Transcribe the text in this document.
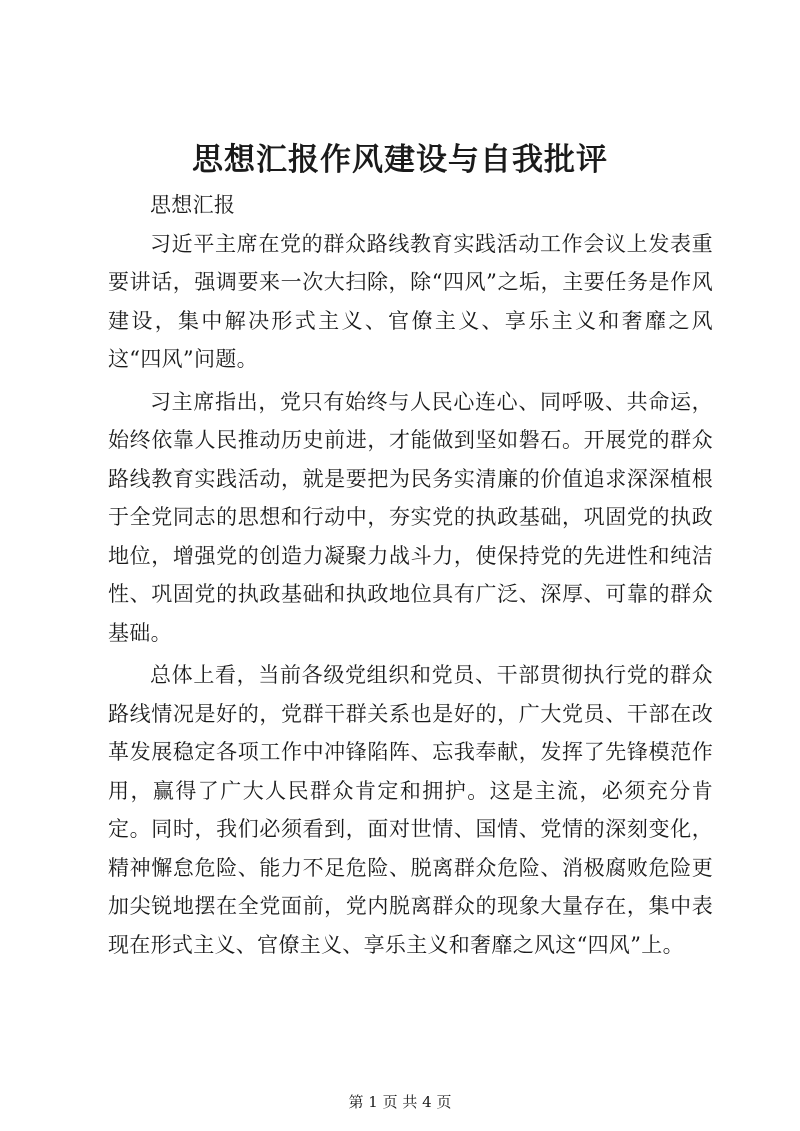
思想汇报作风建设与自我批评

思想汇报

习近平主席在党的群众路线教育实践活动工作会议上发表重要讲话，强调要来一次大扫除，除“四风”之垢，主要任务是作风建设，集中解决形式主义、官僚主义、享乐主义和奢靡之风这“四风”问题。

习主席指出，党只有始终与人民心连心、同呼吸、共命运，始终依靠人民推动历史前进，才能做到坚如磐石。开展党的群众路线教育实践活动，就是要把为民务实清廉的价值追求深深植根于全党同志的思想和行动中，夯实党的执政基础，巩固党的执政地位，增强党的创造力凝聚力战斗力，使保持党的先进性和纯洁性、巩固党的执政基础和执政地位具有广泛、深厚、可靠的群众基础。

总体上看，当前各级党组织和党员、干部贯彻执行党的群众路线情况是好的，党群干群关系也是好的，广大党员、干部在改革发展稳定各项工作中冲锋陷阵、忘我奉献，发挥了先锋模范作用，赢得了广大人民群众肯定和拥护。这是主流，必须充分肯定。同时，我们必须看到，面对世情、国情、党情的深刻变化，精神懈怠危险、能力不足危险、脱离群众危险、消极腐败危险更加尖锐地摆在全党面前，党内脱离群众的现象大量存在，集中表现在形式主义、官僚主义、享乐主义和奢靡之风这“四风”上。

第 1 页 共 4 页
